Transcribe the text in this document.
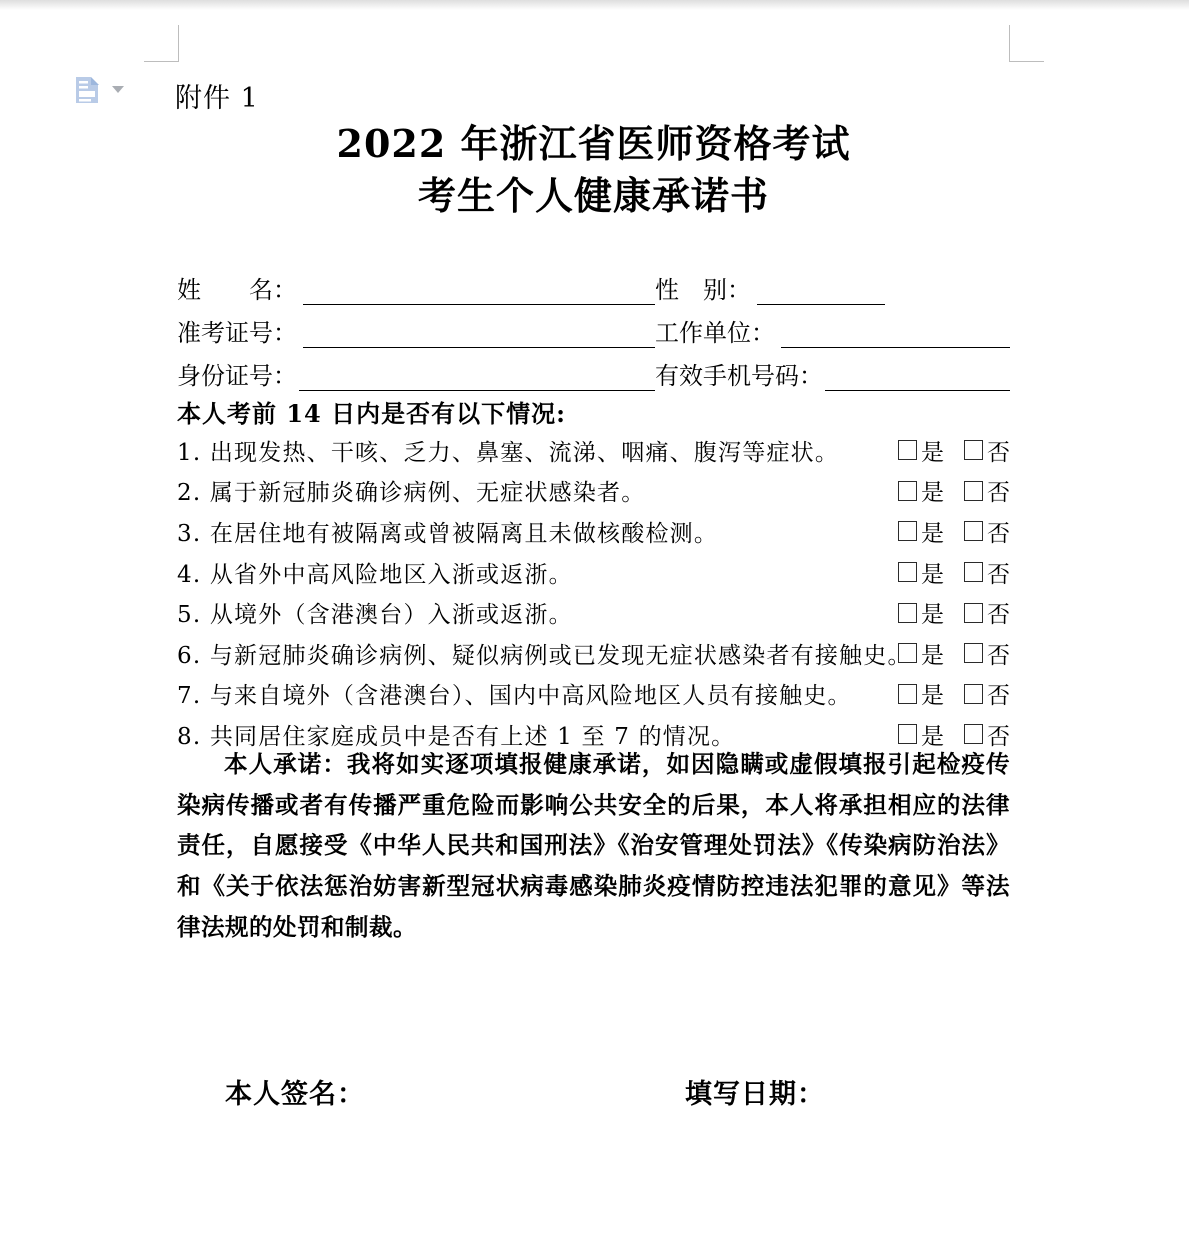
附件 1
2022 年浙江省医师资格考试
考生个人健康承诺书
姓　　名：	性　别：
准考证号：	工作单位：
身份证号：	有效手机号码：
本人考前 14 日内是否有以下情况:
1. 出现发热、干咳、乏力、鼻塞、流涕、咽痛、腹泻等症状。	是 否
2. 属于新冠肺炎确诊病例、无症状感染者。	是 否
3. 在居住地有被隔离或曾被隔离且未做核酸检测。	是 否
4. 从省外中高风险地区入浙或返浙。	是 否
5. 从境外（含港澳台）入浙或返浙。	是 否
6. 与新冠肺炎确诊病例、疑似病例或已发现无症状感染者有接触史。 是 否
7. 与来自境外（含港澳台）、国内中高风险地区人员有接触史。	是 否
8. 共同居住家庭成员中是否有上述 1 至 7 的情况。	是 否
本人承诺：我将如实逐项填报健康承诺，如因隐瞒或虚假填报引起检疫传染病传播或者有传播严重危险而影响公共安全的后果，本人将承担相应的法律责任，自愿接受《中华人民共和国刑法》《治安管理处罚法》《传染病防治法》和《关于依法惩治妨害新型冠状病毒感染肺炎疫情防控违法犯罪的意见》等法律法规的处罚和制裁。
本人签名：	填写日期：
